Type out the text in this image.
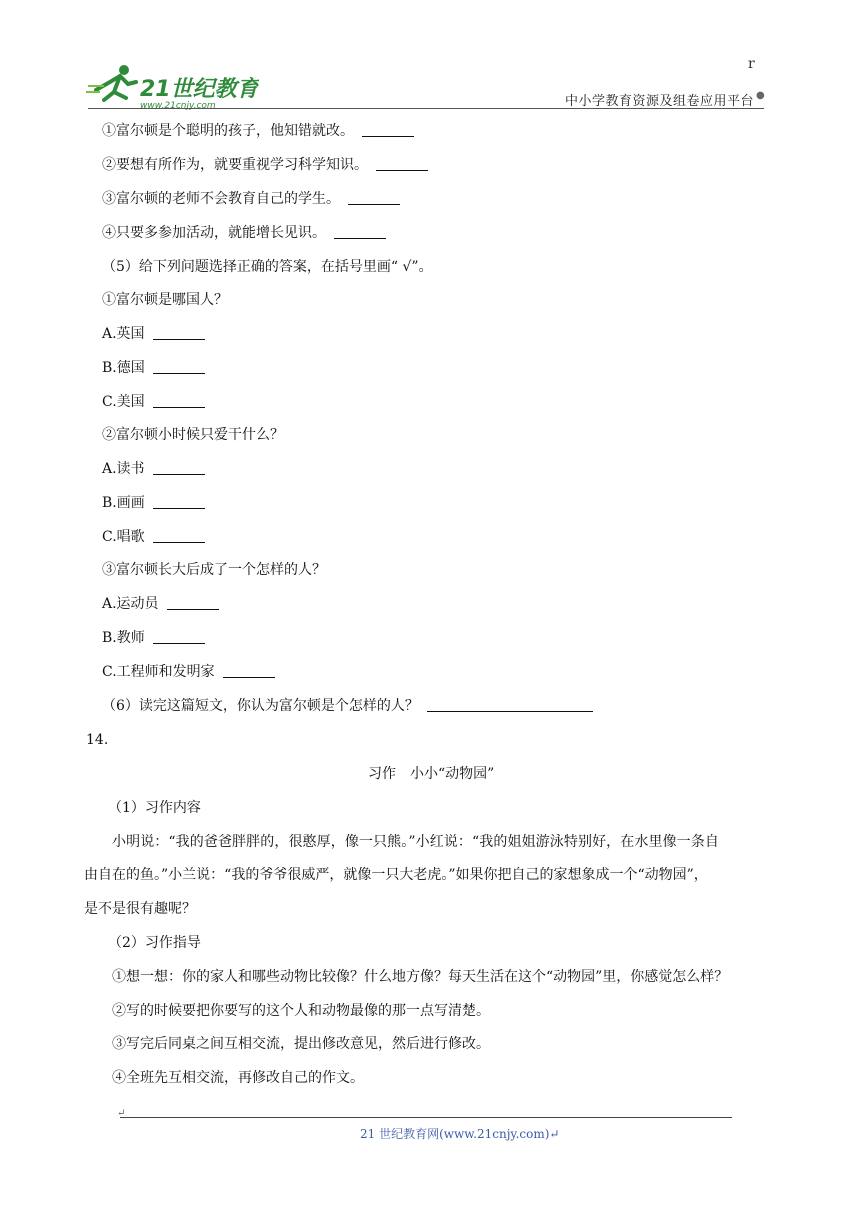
21世纪教育
www.21cnjy.com
r
中小学教育资源及组卷应用平台 ●
①富尔顿是个聪明的孩子，他知错就改。
②要想有所作为，就要重视学习科学知识。
③富尔顿的老师不会教育自己的学生。
④只要多参加活动，就能增长见识。
（5）给下列问题选择正确的答案，在括号里画“ √”。
①富尔顿是哪国人？
A.英国
B.德国
C.美国
②富尔顿小时候只爱干什么？
A.读书
B.画画
C.唱歌
③富尔顿长大后成了一个怎样的人？
A.运动员
B.教师
C.工程师和发明家
（6）读完这篇短文，你认为富尔顿是个怎样的人？
14.
习作　小小“动物园”
（1）习作内容
小明说：“我的爸爸胖胖的，很憨厚，像一只熊。”小红说：“我的姐姐游泳特别好，在水里像一条自
由自在的鱼。”小兰说：“我的爷爷很威严，就像一只大老虎。”如果你把自己的家想象成一个“动物园”，
是不是很有趣呢？
（2）习作指导
①想一想：你的家人和哪些动物比较像？什么地方像？每天生活在这个“动物园”里，你感觉怎么样？
②写的时候要把你要写的这个人和动物最像的那一点写清楚。
③写完后同桌之间互相交流，提出修改意见，然后进行修改。
④全班先互相交流，再修改自己的作文。
↵
21 世纪教育网(www.21cnjy.com)↵
